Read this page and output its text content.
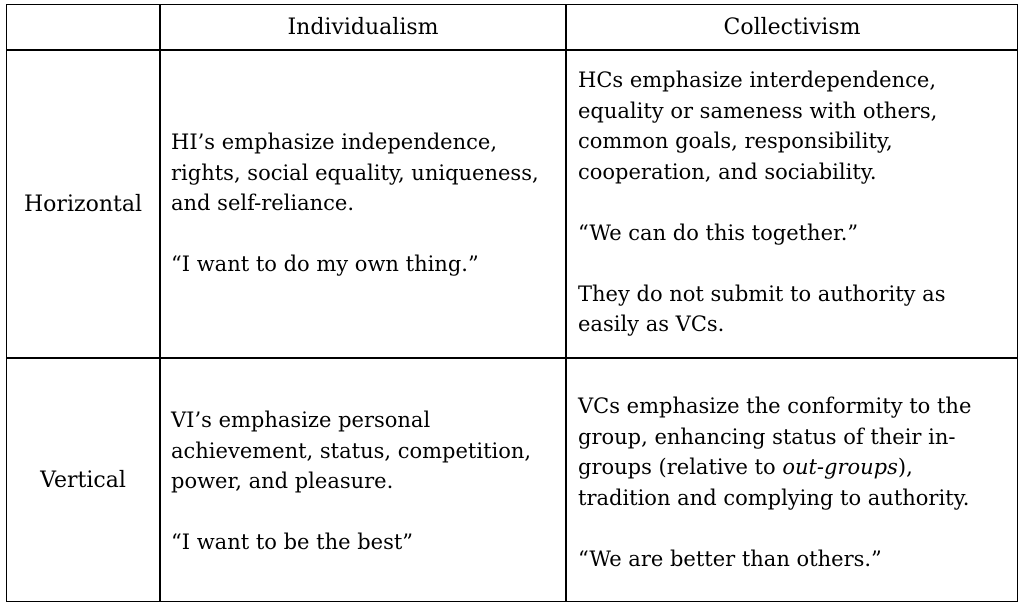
Individualism	Collectivism
Horizontal
Vertical
HI’s emphasize independence,
rights, social equality, uniqueness,
and self-reliance.
“I want to do my own thing.”
HCs emphasize interdependence,
equality or sameness with others,
common goals, responsibility,
cooperation, and sociability.
“We can do this together.”
They do not submit to authority as
easily as VCs.
VI’s emphasize personal
achievement, status, competition,
power, and pleasure.
“I want to be the best”
VCs emphasize the conformity to the
group, enhancing status of their in-
groups (relative to out-groups),
tradition and complying to authority.
“We are better than others.”
